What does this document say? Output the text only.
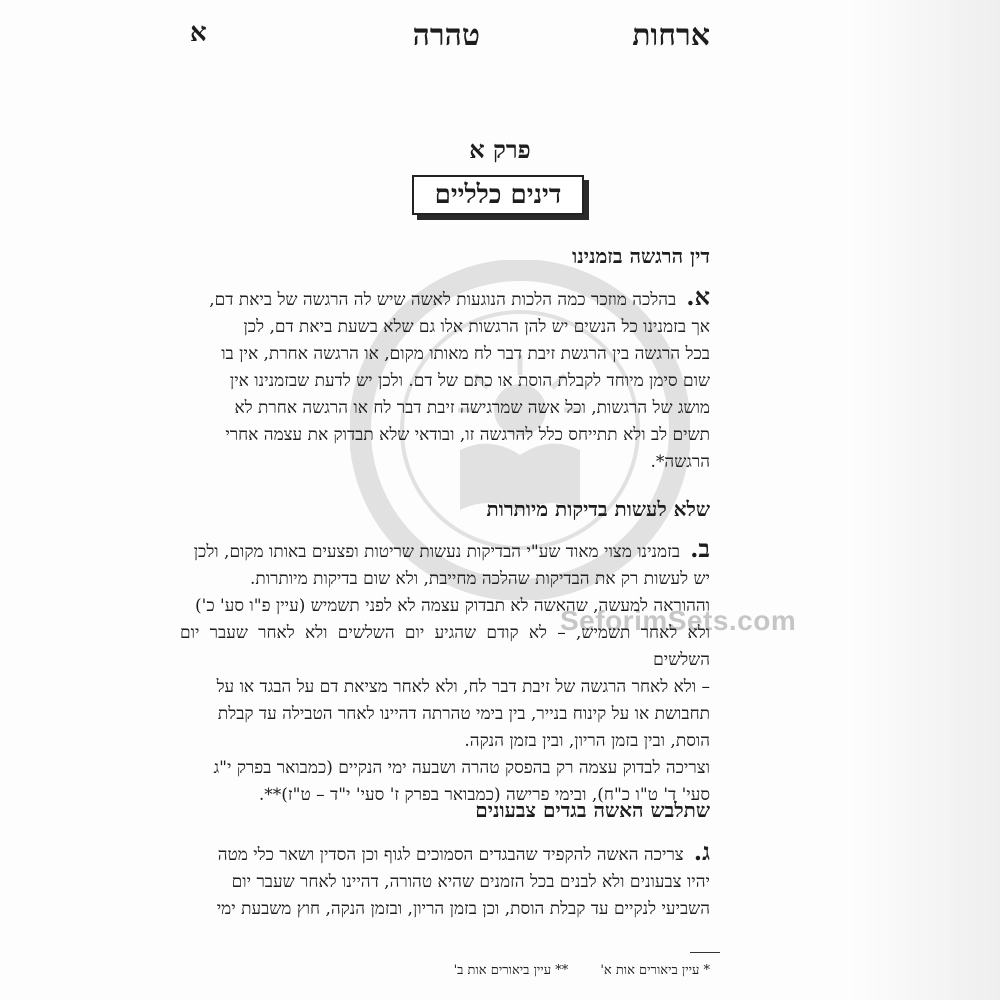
SeforimSets.com
ארחות
טהרה
א
פרק א
דינים כלליים
דין הרגשה בזמנינו
א.בהלכה מוזכר כמה הלכות הנוגעות לאשה שיש לה הרגשה של ביאת דם,
אך בזמנינו כל הנשים יש להן הרגשות אלו גם שלא בשעת ביאת דם, לכן
בכל הרגשה בין הרגשת זיבת דבר לח מאותו מקום, או הרגשה אחרת, אין בו
שום סימן מיוחד לקבלת הוסת או כתם של דם. ולכן יש לדעת שבזמנינו אין
מושג של הרגשות, וכל אשה שמרגישה זיבת דבר לח או הרגשה אחרת לא
תשים לב ולא תתייחס כלל להרגשה זו, ובודאי שלא תבדוק את עצמה אחרי
הרגשה*.
שלא לעשות בדיקות מיותרות
ב.בזמנינו מצוי מאוד שע"י הבדיקות נעשות שריטות ופצעים באותו מקום, ולכן
יש לעשות רק את הבדיקות שהלכה מחייבת, ולא שום בדיקות מיותרות.
וההוראה למעשה, שהאשה לא תבדוק עצמה לא לפני תשמיש (עיין פ"ו סע' כ')
ולא לאחר תשמיש, – לא קודם שהגיע יום השלשים ולא לאחר שעבר יום השלשים
– ולא לאחר הרגשה של זיבת דבר לח, ולא לאחר מציאת דם על הבגד או על
תחבושת או על קינוח בנייר, בין בימי טהרתה דהיינו לאחר הטבילה עד קבלת
הוסת, ובין בזמן הריון, ובין בזמן הנקה.
וצריכה לבדוק עצמה רק בהפסק טהרה ושבעה ימי הנקיים (כמבואר בפרק י"ג
סעי' ד' ט"ו כ"ח), ובימי פרישה (כמבואר בפרק ז' סעי' י"ד – ט"ז)**.
שתלבש האשה בגדים צבעונים
ג.צריכה האשה להקפיד שהבגדים הסמוכים לגוף וכן הסדין ושאר כלי מטה
יהיו צבעונים ולא לבנים בכל הזמנים שהיא טהורה, דהיינו לאחר שעבר יום
השביעי לנקיים עד קבלת הוסת, וכן בזמן הריון, ובזמן הנקה, חוץ משבעת ימי
* עיין ביאורים אות א' ** עיין ביאורים אות ב'
